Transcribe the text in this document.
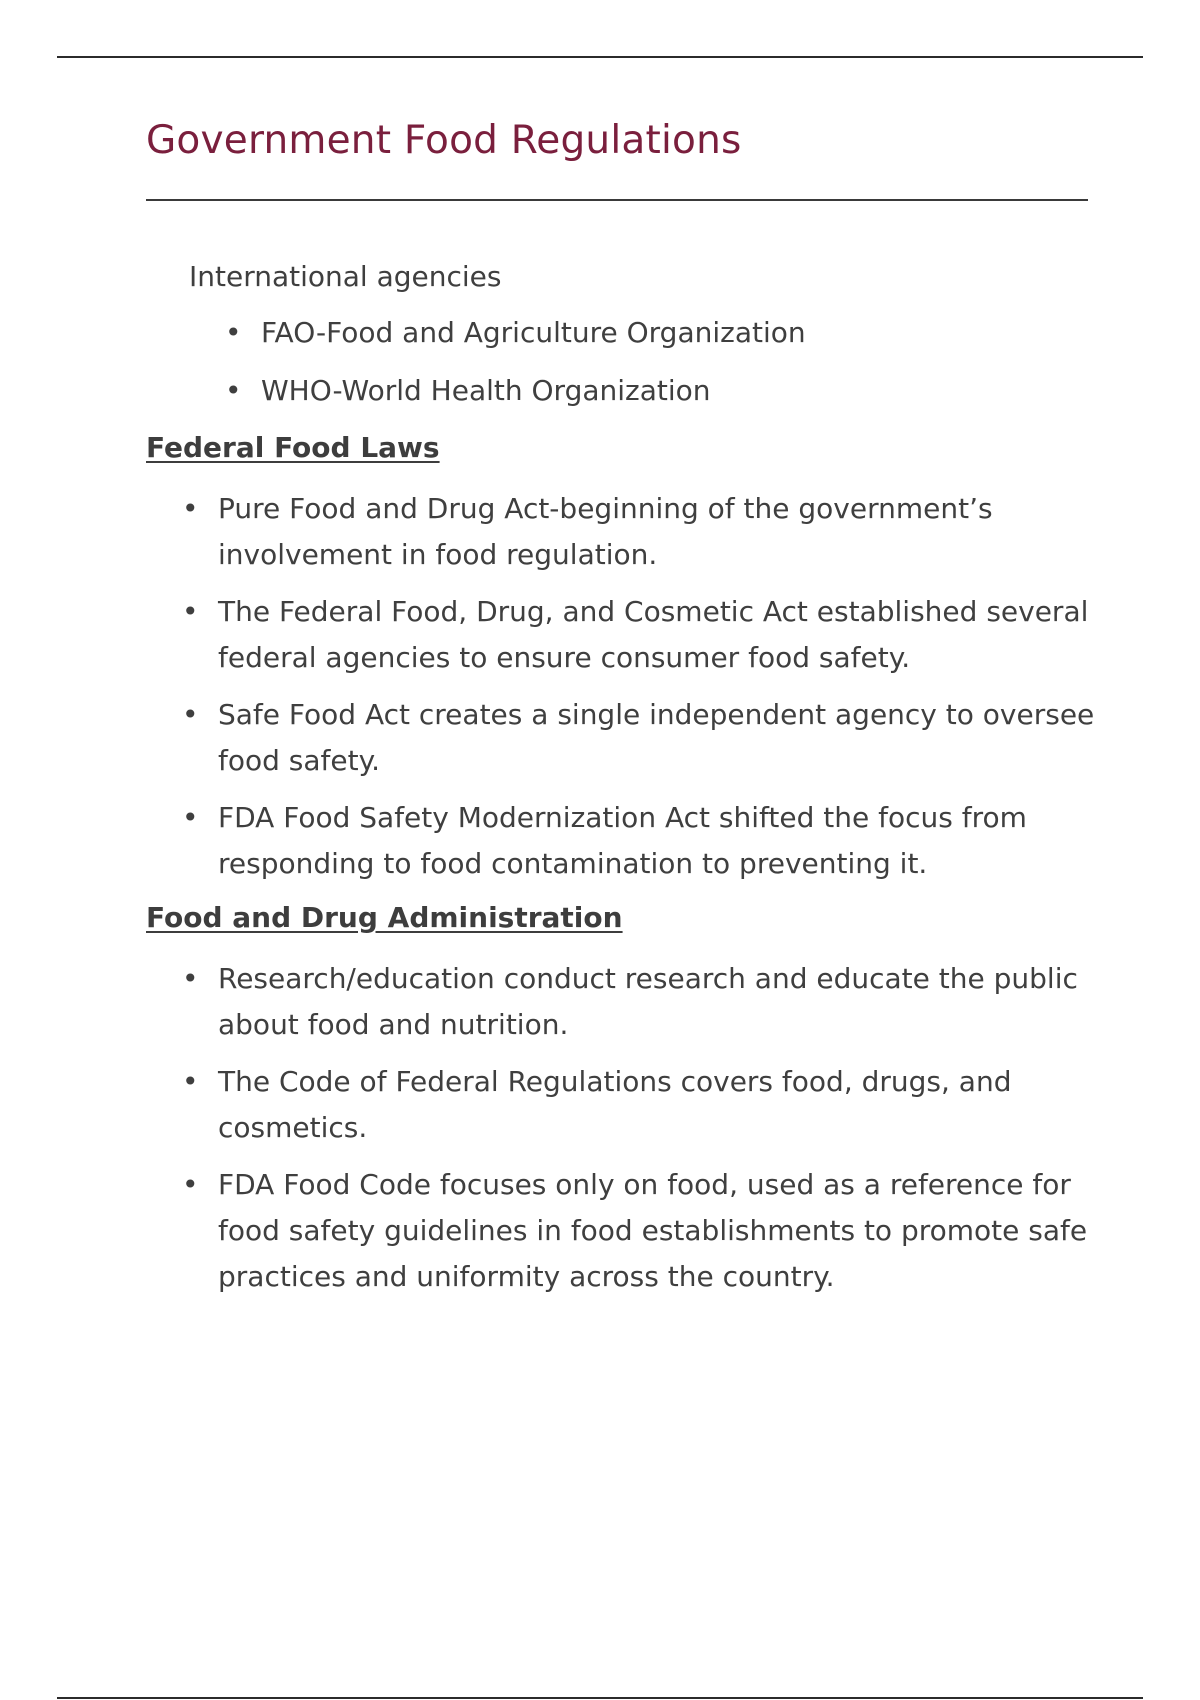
Government Food Regulations
International agencies
• FAO-Food and Agriculture Organization
• WHO-World Health Organization
Federal Food Laws
• Pure Food and Drug Act-beginning of the government’s involvement in food regulation.
• The Federal Food, Drug, and Cosmetic Act established several federal agencies to ensure consumer food safety.
• Safe Food Act creates a single independent agency to oversee food safety.
• FDA Food Safety Modernization Act shifted the focus from responding to food contamination to preventing it.
Food and Drug Administration
• Research/education conduct research and educate the public about food and nutrition.
• The Code of Federal Regulations covers food, drugs, and cosmetics.
• FDA Food Code focuses only on food, used as a reference for food safety guidelines in food establishments to promote safe practices and uniformity across the country.
